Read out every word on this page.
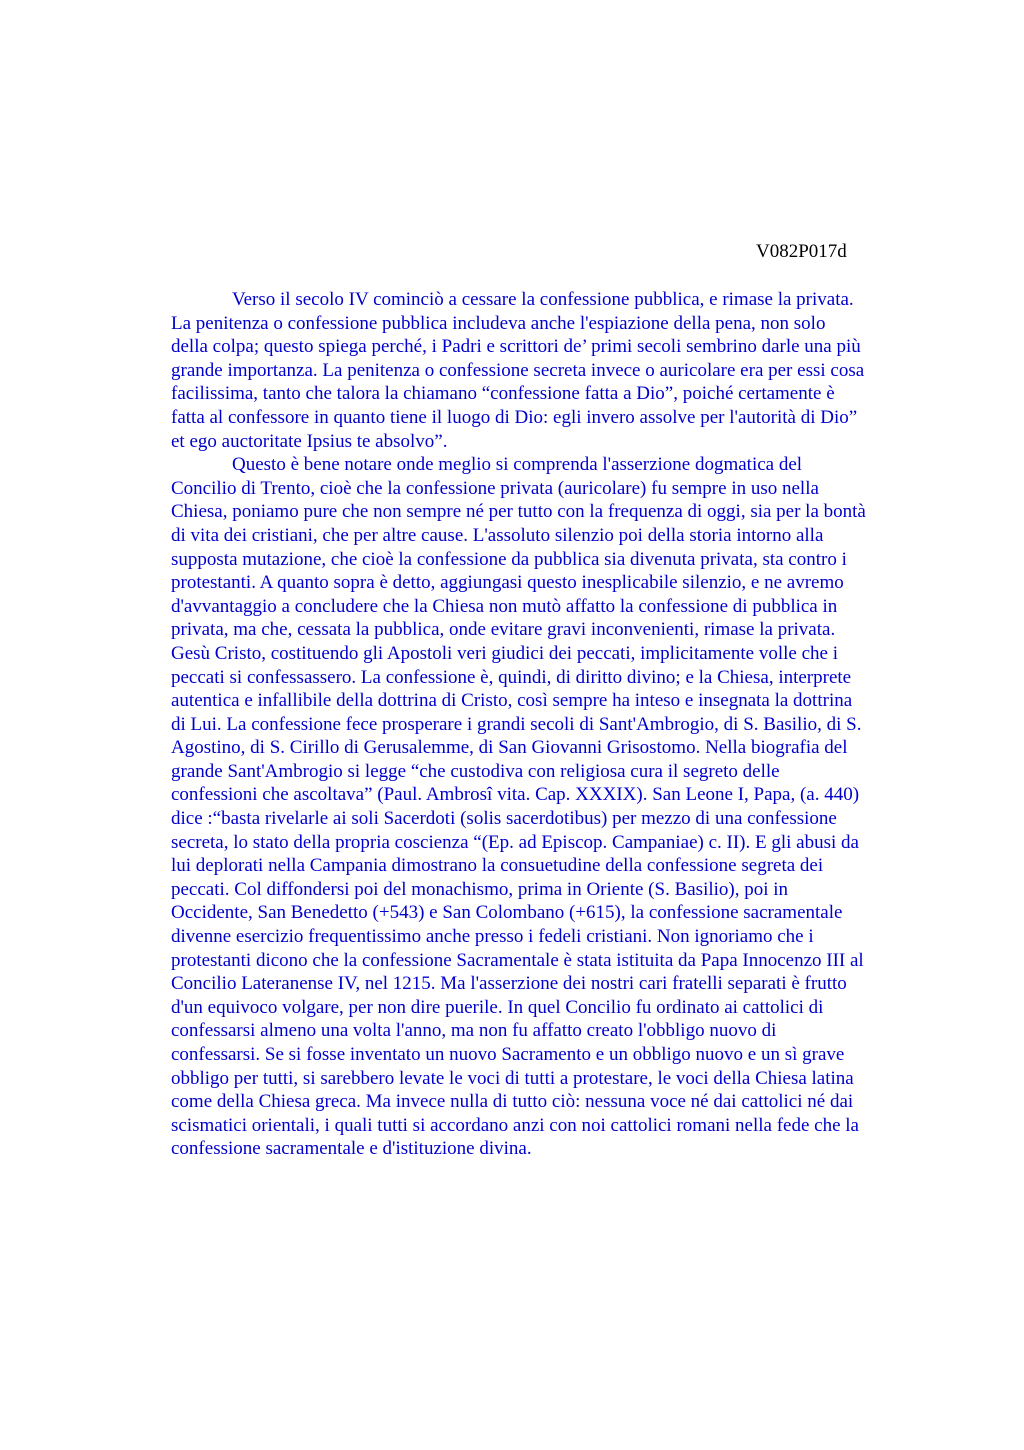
V082P017d
Verso il secolo IV cominciò a cessare la confessione pubblica, e rimase la privata.
La penitenza o confessione pubblica includeva anche l'espiazione della pena, non solo
della colpa; questo spiega perché, i Padri e scrittori de’ primi secoli sembrino darle una più
grande importanza. La penitenza o confessione secreta invece o auricolare era per essi cosa
facilissima, tanto che talora la chiamano “confessione fatta a Dio”, poiché certamente è
fatta al confessore in quanto tiene il luogo di Dio: egli invero assolve per l'autorità di Dio”
et ego auctoritate Ipsius te absolvo”.
Questo è bene notare onde meglio si comprenda l'asserzione dogmatica del
Concilio di Trento, cioè che la confessione privata (auricolare) fu sempre in uso nella
Chiesa, poniamo pure che non sempre né per tutto con la frequenza di oggi, sia per la bontà
di vita dei cristiani, che per altre cause. L'assoluto silenzio poi della storia intorno alla
supposta mutazione, che cioè la confessione da pubblica sia divenuta privata, sta contro i
protestanti. A quanto sopra è detto, aggiungasi questo inesplicabile silenzio, e ne avremo
d'avvantaggio a concludere che la Chiesa non mutò affatto la confessione di pubblica in
privata, ma che, cessata la pubblica, onde evitare gravi inconvenienti, rimase la privata.
Gesù Cristo, costituendo gli Apostoli veri giudici dei peccati, implicitamente volle che i
peccati si confessassero. La confessione è, quindi, di diritto divino; e la Chiesa, interprete
autentica e infallibile della dottrina di Cristo, così sempre ha inteso e insegnata la dottrina
di Lui. La confessione fece prosperare i grandi secoli di Sant'Ambrogio, di S. Basilio, di S.
Agostino, di S. Cirillo di Gerusalemme, di San Giovanni Grisostomo. Nella biografia del
grande Sant'Ambrogio si legge “che custodiva con religiosa cura il segreto delle
confessioni che ascoltava” (Paul. Ambrosî vita. Cap. XXXIX). San Leone I, Papa, (a. 440)
dice :“basta rivelarle ai soli Sacerdoti (solis sacerdotibus) per mezzo di una confessione
secreta, lo stato della propria coscienza “(Ep. ad Episcop. Campaniae) c. II). E gli abusi da
lui deplorati nella Campania dimostrano la consuetudine della confessione segreta dei
peccati. Col diffondersi poi del monachismo, prima in Oriente (S. Basilio), poi in
Occidente, San Benedetto (+543) e San Colombano (+615), la confessione sacramentale
divenne esercizio frequentissimo anche presso i fedeli cristiani. Non ignoriamo che i
protestanti dicono che la confessione Sacramentale è stata istituita da Papa Innocenzo III al
Concilio Lateranense IV, nel 1215. Ma l'asserzione dei nostri cari fratelli separati è frutto
d'un equivoco volgare, per non dire puerile. In quel Concilio fu ordinato ai cattolici di
confessarsi almeno una volta l'anno, ma non fu affatto creato l'obbligo nuovo di
confessarsi. Se si fosse inventato un nuovo Sacramento e un obbligo nuovo e un sì grave
obbligo per tutti, si sarebbero levate le voci di tutti a protestare, le voci della Chiesa latina
come della Chiesa greca. Ma invece nulla di tutto ciò: nessuna voce né dai cattolici né dai
scismatici orientali, i quali tutti si accordano anzi con noi cattolici romani nella fede che la
confessione sacramentale e d'istituzione divina.
